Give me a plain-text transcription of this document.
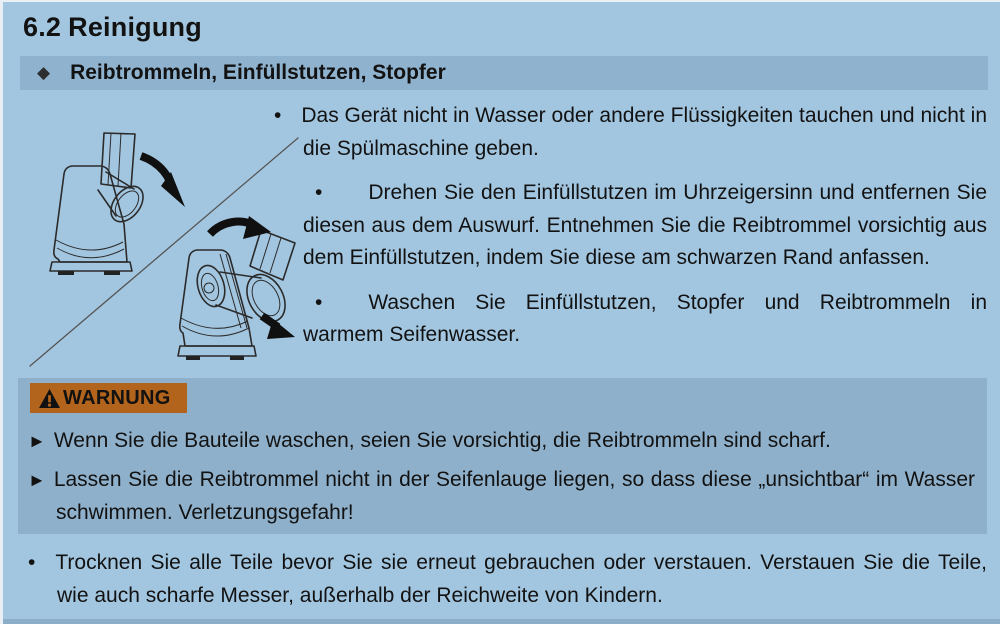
6.2 Reinigung
◆ Reibtrommeln, Einfüllstutzen, Stopfer

• Das Gerät nicht in Wasser oder andere Flüssigkeiten tauchen und nicht in die Spülmaschine geben.

• Drehen Sie den Einfüllstutzen im Uhrzeigersinn und entfernen Sie diesen aus dem Auswurf. Entnehmen Sie die Reibtrommel vorsichtig aus dem Einfüllstutzen, indem Sie diese am schwarzen Rand anfassen.

• Waschen Sie Einfüllstutzen, Stopfer und Reibtrommeln in warmem Seifenwasser.

WARNUNG

► Wenn Sie die Bauteile waschen, seien Sie vorsichtig, die Reibtrommeln sind scharf.

► Lassen Sie die Reibtrommel nicht in der Seifenlauge liegen, so dass diese „unsichtbar“ im Wasser schwimmen. Verletzungsgefahr!

• Trocknen Sie alle Teile bevor Sie sie erneut gebrauchen oder verstauen. Verstauen Sie die Teile, wie auch scharfe Messer, außerhalb der Reichweite von Kindern.
